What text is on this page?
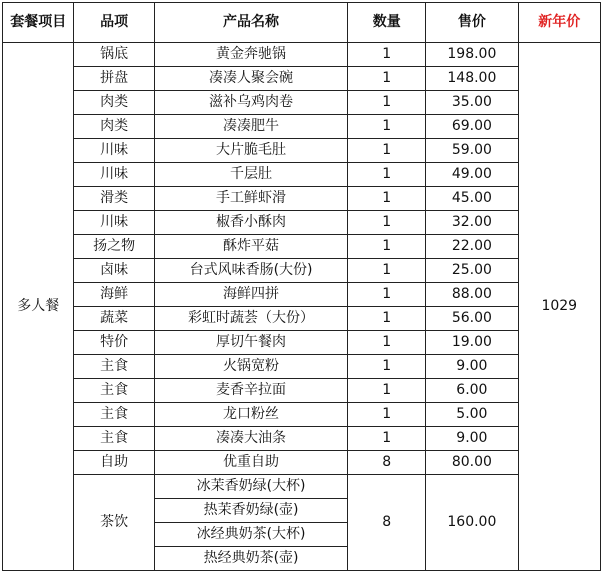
套餐项目	品项	产品名称	数量	售价	新年价
多人餐	锅底	黄金奔驰锅	1	198.00	1029
	拼盘	凑凑人聚会碗	1	148.00	
	肉类	滋补乌鸡肉卷	1	35.00	
	肉类	凑凑肥牛	1	69.00	
	川味	大片脆毛肚	1	59.00	
	川味	千层肚	1	49.00	
	滑类	手工鲜虾滑	1	45.00	
	川味	椒香小酥肉	1	32.00	
	扬之物	酥炸平菇	1	22.00	
	卤味	台式风味香肠(大份)	1	25.00	
	海鲜	海鲜四拼	1	88.00	
	蔬菜	彩虹时蔬荟（大份）	1	56.00	
	特价	厚切午餐肉	1	19.00	
	主食	火锅宽粉	1	9.00	
	主食	麦香辛拉面	1	6.00	
	主食	龙口粉丝	1	5.00	
	主食	凑凑大油条	1	9.00	
	自助	优重自助	8	80.00	
	茶饮	冰茉香奶绿(大杯)	8	160.00	
		热茉香奶绿(壶)			
		冰经典奶茶(大杯)			
		热经典奶茶(壶)			
